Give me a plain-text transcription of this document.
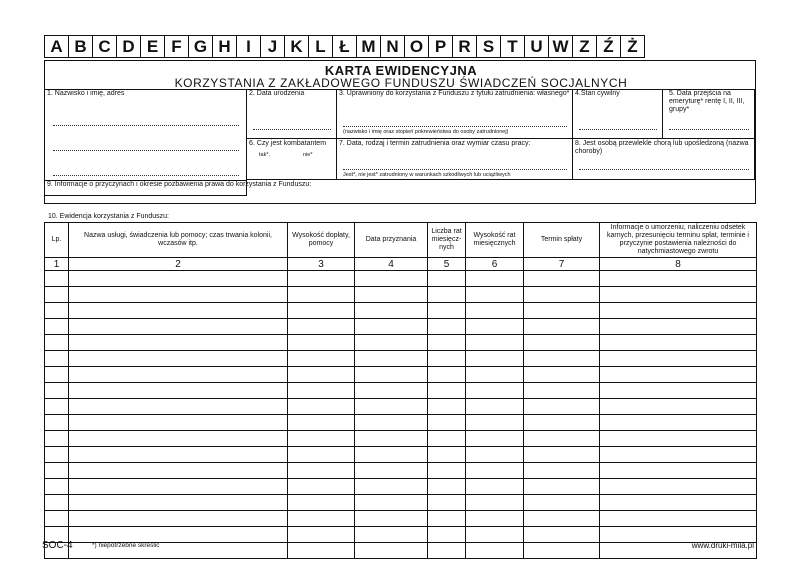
A B C D E F G H I J K L Ł M N O P R S T U W Z Ź Ż
KARTA EWIDENCYJNA
KORZYSTANIA Z ZAKŁADOWEGO FUNDUSZU ŚWIADCZEŃ SOCJALNYCH
1. Nazwisko i imię, adres	2. Data urodzenia	3. Uprawniony do korzystania z Funduszu z tytułu zatrudnienia: własnego*
(nazwisko i imię oraz stopień pokrewieństwa do osoby zatrudnionej)
4.Stan cywilny	5. Data przejścia na emeryturę* rentę I, II, III, grupy*
6. Czy jest kombatantem
tak*,	nie*
7. Data, rodzaj i termin zatrudnienia oraz wymiar czasu pracy:
Jest*, nie jest* zatrudniony w warunkach szkodliwych lub uciążliwych
8. Jest osobą przewlekle chorą lub upośledzoną (nazwa choroby)
9. Informacje o przyczynach i okresie pozbawienia prawa do korzystania z Funduszu:
10. Ewidencja korzystania z Funduszu:
Lp.	Nazwa usługi, świadczenia lub pomocy; czas trwania kolonii, wczasów itp.	Wysokość dopłaty, pomocy	Data przyznania	Liczba rat miesięcz-nych	Wysokość rat miesięcznych	Termin spłaty	Informacje o umorzeniu, naliczeniu odsetek karnych, przesunięciu terminu spłat, terminie i przyczynie postawienia należności do natychmiastowego zwrotu
1	2	3	4	5	6	7	8

SOC-4	*) niepotrzebne skreślić	www.druki-mila.pl
